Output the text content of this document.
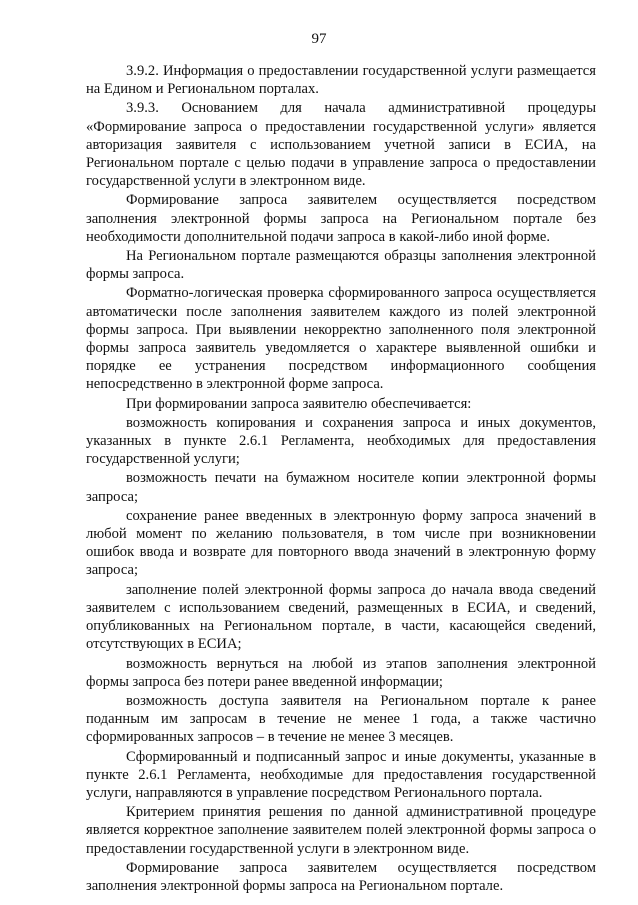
97

3.9.2. Информация о предоставлении государственной услуги размещается на Едином и Региональном порталах.

3.9.3. Основанием для начала административной процедуры «Формирование запроса о предоставлении государственной услуги» является авторизация заявителя с использованием учетной записи в ЕСИА, на Региональном портале с целью подачи в управление запроса о предоставлении государственной услуги в электронном виде.

Формирование запроса заявителем осуществляется посредством заполнения электронной формы запроса на Региональном портале без необходимости дополнительной подачи запроса в какой-либо иной форме.

На Региональном портале размещаются образцы заполнения электронной формы запроса.

Форматно-логическая проверка сформированного запроса осуществляется автоматически после заполнения заявителем каждого из полей электронной формы запроса. При выявлении некорректно заполненного поля электронной формы запроса заявитель уведомляется о характере выявленной ошибки и порядке ее устранения посредством информационного сообщения непосредственно в электронной форме запроса.

При формировании запроса заявителю обеспечивается:

возможность копирования и сохранения запроса и иных документов, указанных в пункте 2.6.1 Регламента, необходимых для предоставления государственной услуги;

возможность печати на бумажном носителе копии электронной формы запроса;

сохранение ранее введенных в электронную форму запроса значений в любой момент по желанию пользователя, в том числе при возникновении ошибок ввода и возврате для повторного ввода значений в электронную форму запроса;

заполнение полей электронной формы запроса до начала ввода сведений заявителем с использованием сведений, размещенных в ЕСИА, и сведений, опубликованных на Региональном портале, в части, касающейся сведений, отсутствующих в ЕСИА;

возможность вернуться на любой из этапов заполнения электронной формы запроса без потери ранее введенной информации;

возможность доступа заявителя на Региональном портале к ранее поданным им запросам в течение не менее 1 года, а также частично сформированных запросов – в течение не менее 3 месяцев.

Сформированный и подписанный запрос и иные документы, указанные в пункте 2.6.1 Регламента, необходимые для предоставления государственной услуги, направляются в управление посредством Регионального портала.

Критерием принятия решения по данной административной процедуре является корректное заполнение заявителем полей электронной формы запроса о предоставлении государственной услуги в электронном виде.

Формирование запроса заявителем осуществляется посредством заполнения электронной формы запроса на Региональном портале.
